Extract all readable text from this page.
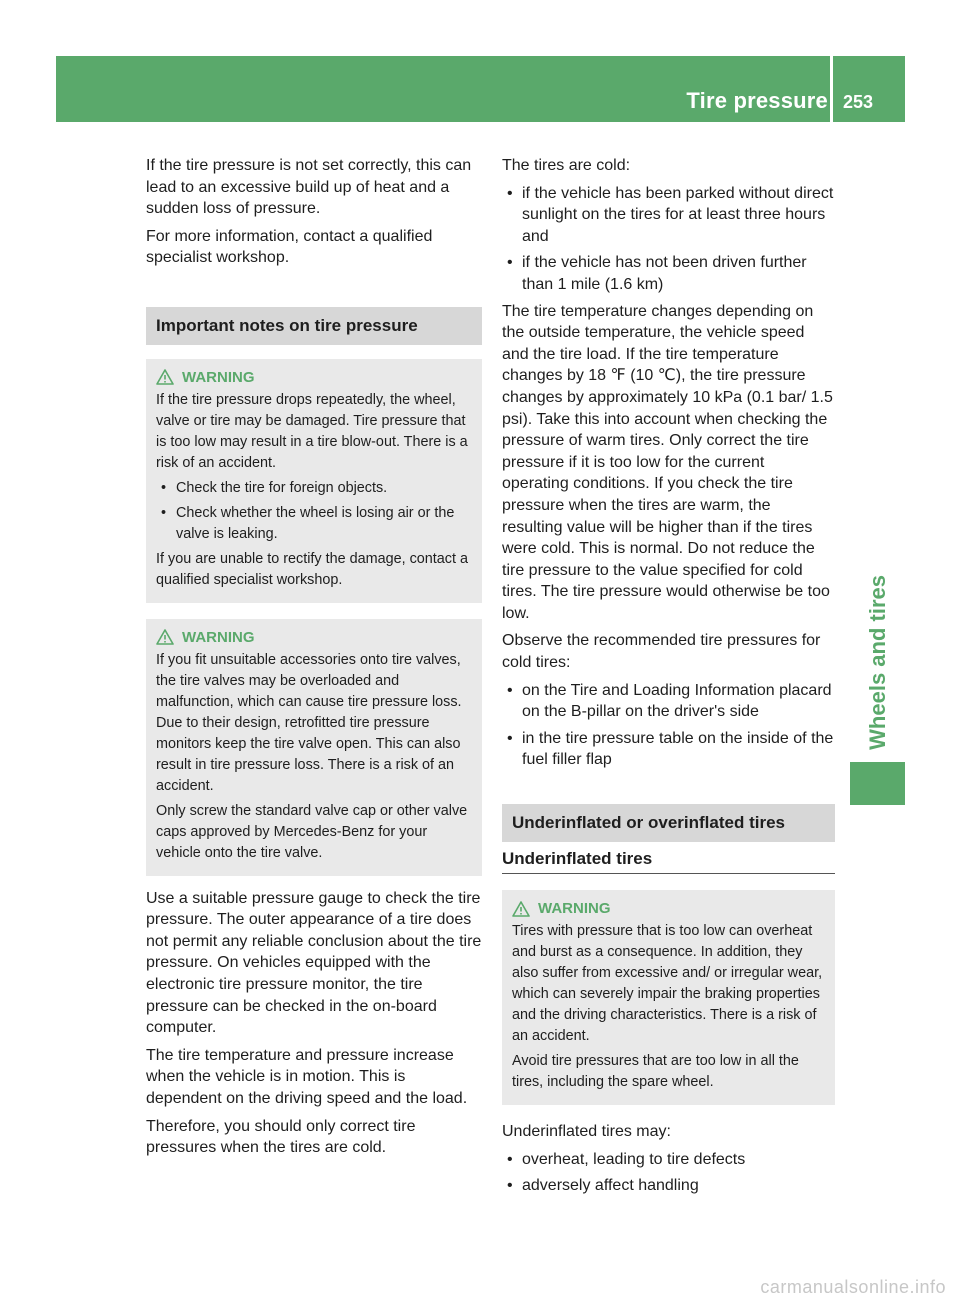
Tire pressure 253
Wheels and tires

If the tire pressure is not set correctly, this can lead to an excessive build up of heat and a sudden loss of pressure.

For more information, contact a qualified specialist workshop.

Important notes on tire pressure
WARNING
If the tire pressure drops repeatedly, the wheel, valve or tire may be damaged. Tire pressure that is too low may result in a tire blow-out. There is a risk of an accident.
• Check the tire for foreign objects.
• Check whether the wheel is losing air or the valve is leaking.
If you are unable to rectify the damage, contact a qualified specialist workshop.
WARNING
If you fit unsuitable accessories onto tire valves, the tire valves may be overloaded and malfunction, which can cause tire pressure loss. Due to their design, retrofitted tire pressure monitors keep the tire valve open. This can also result in tire pressure loss. There is a risk of an accident.
Only screw the standard valve cap or other valve caps approved by Mercedes-Benz for your vehicle onto the tire valve.

Use a suitable pressure gauge to check the tire pressure. The outer appearance of a tire does not permit any reliable conclusion about the tire pressure. On vehicles equipped with the electronic tire pressure monitor, the tire pressure can be checked in the on-board computer.

The tire temperature and pressure increase when the vehicle is in motion. This is dependent on the driving speed and the load.

Therefore, you should only correct tire pressures when the tires are cold.

The tires are cold:

• if the vehicle has been parked without direct sunlight on the tires for at least three hours and
• if the vehicle has not been driven further than 1 mile (1.6 km)

The tire temperature changes depending on the outside temperature, the vehicle speed and the tire load. If the tire temperature changes by 18 ℉ (10 ℃), the tire pressure changes by approximately 10 kPa (0.1 bar/ 1.5 psi). Take this into account when checking the pressure of warm tires. Only correct the tire pressure if it is too low for the current operating conditions. If you check the tire pressure when the tires are warm, the resulting value will be higher than if the tires were cold. This is normal. Do not reduce the tire pressure to the value specified for cold tires. The tire pressure would otherwise be too low.

Observe the recommended tire pressures for cold tires:

• on the Tire and Loading Information placard on the B-pillar on the driver's side
• in the tire pressure table on the inside of the fuel filler flap
Underinflated or overinflated tires
Underinflated tires
WARNING
Tires with pressure that is too low can overheat and burst as a consequence. In addition, they also suffer from excessive and/ or irregular wear, which can severely impair the braking properties and the driving characteristics. There is a risk of an accident.
Avoid tire pressures that are too low in all the tires, including the spare wheel.

Underinflated tires may:

• overheat, leading to tire defects
• adversely affect handling
carmanualsonline.info
